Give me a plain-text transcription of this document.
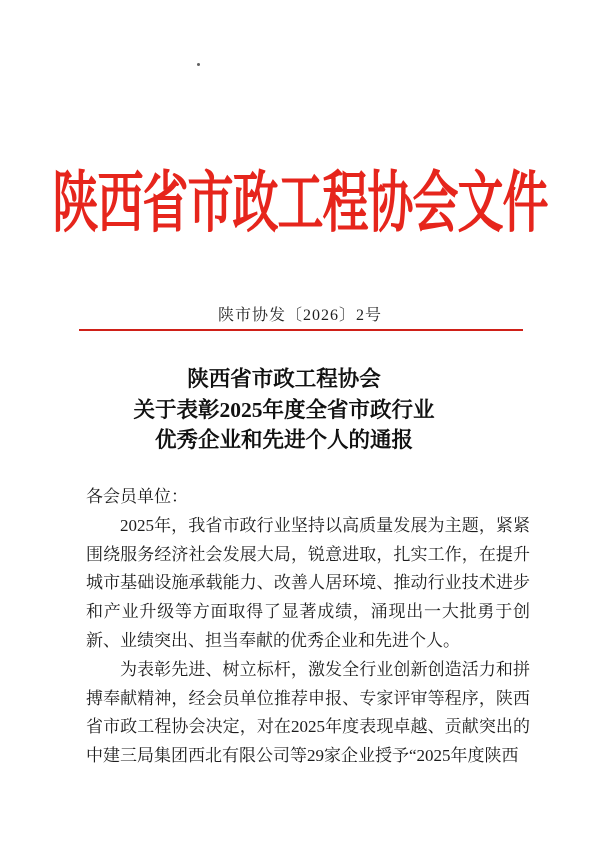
陕西省市政工程协会文件
陕市协发〔2026〕2号
陕西省市政工程协会
关于表彰2025年度全省市政行业
优秀企业和先进个人的通报
各会员单位：

2025年，我省市政行业坚持以高质量发展为主题，紧紧围绕服务经济社会发展大局，锐意进取，扎实工作，在提升城市基础设施承载能力、改善人居环境、推动行业技术进步和产业升级等方面取得了显著成绩，涌现出一大批勇于创新、业绩突出、担当奉献的优秀企业和先进个人。

为表彰先进、树立标杆，激发全行业创新创造活力和拼搏奉献精神，经会员单位推荐申报、专家评审等程序，陕西省市政工程协会决定，对在2025年度表现卓越、贡献突出的中建三局集团西北有限公司等29家企业授予“2025年度陕西
